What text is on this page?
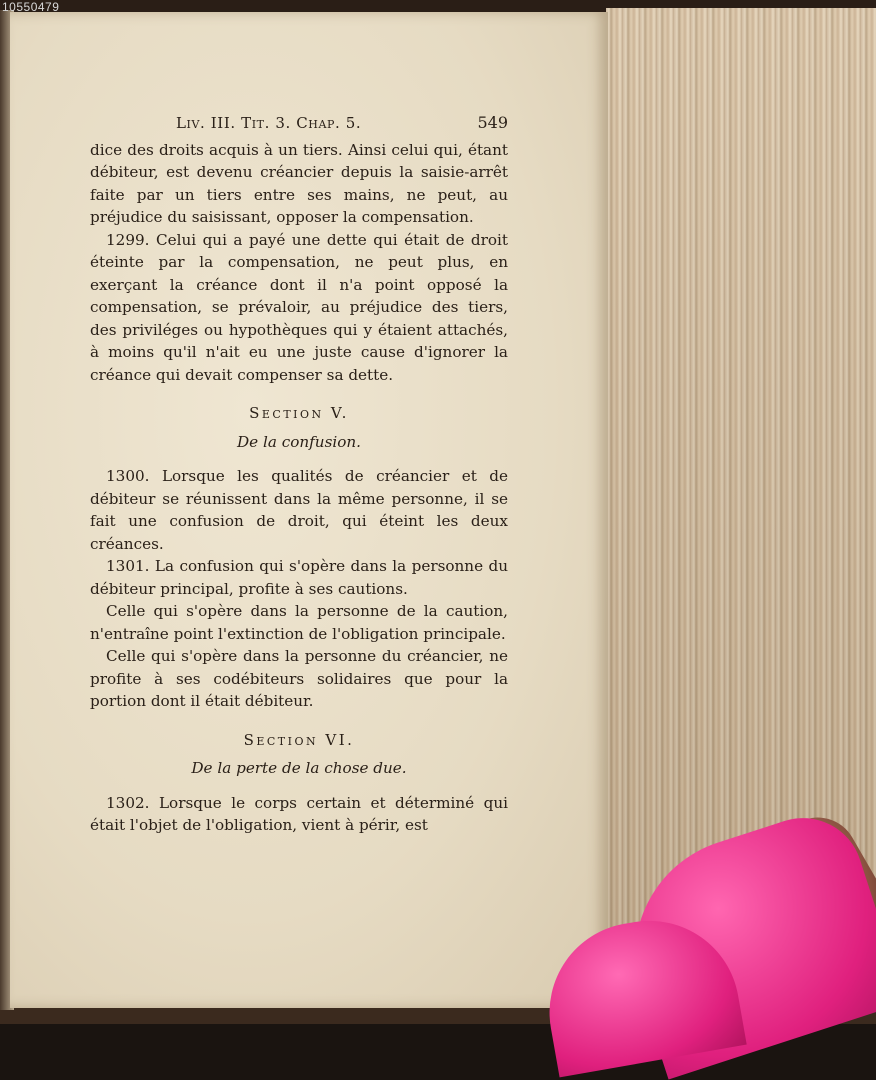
10550479
Liv. III. Tit. 3. Chap. 5.	549

dice des droits acquis à un tiers. Ainsi celui qui, étant débiteur, est devenu créancier depuis la saisie-arrêt faite par un tiers entre ses mains, ne peut, au préjudice du saisissant, opposer la compensation.

1299. Celui qui a payé une dette qui était de droit éteinte par la compensation, ne peut plus, en exerçant la créance dont il n'a point opposé la compensation, se prévaloir, au préjudice des tiers, des priviléges ou hypothèques qui y étaient attachés, à moins qu'il n'ait eu une juste cause d'ignorer la créance qui devait compenser sa dette.

Section V.
De la confusion.

1300. Lorsque les qualités de créancier et de débiteur se réunissent dans la même personne, il se fait une confusion de droit, qui éteint les deux créances.

1301. La confusion qui s'opère dans la personne du débiteur principal, profite à ses cautions.

Celle qui s'opère dans la personne de la caution, n'entraîne point l'extinction de l'obligation principale.

Celle qui s'opère dans la personne du créancier, ne profite à ses codébiteurs solidaires que pour la portion dont il était débiteur.

Section VI.
De la perte de la chose due.

1302. Lorsque le corps certain et déterminé qui était l'objet de l'obligation, vient à périr, est
